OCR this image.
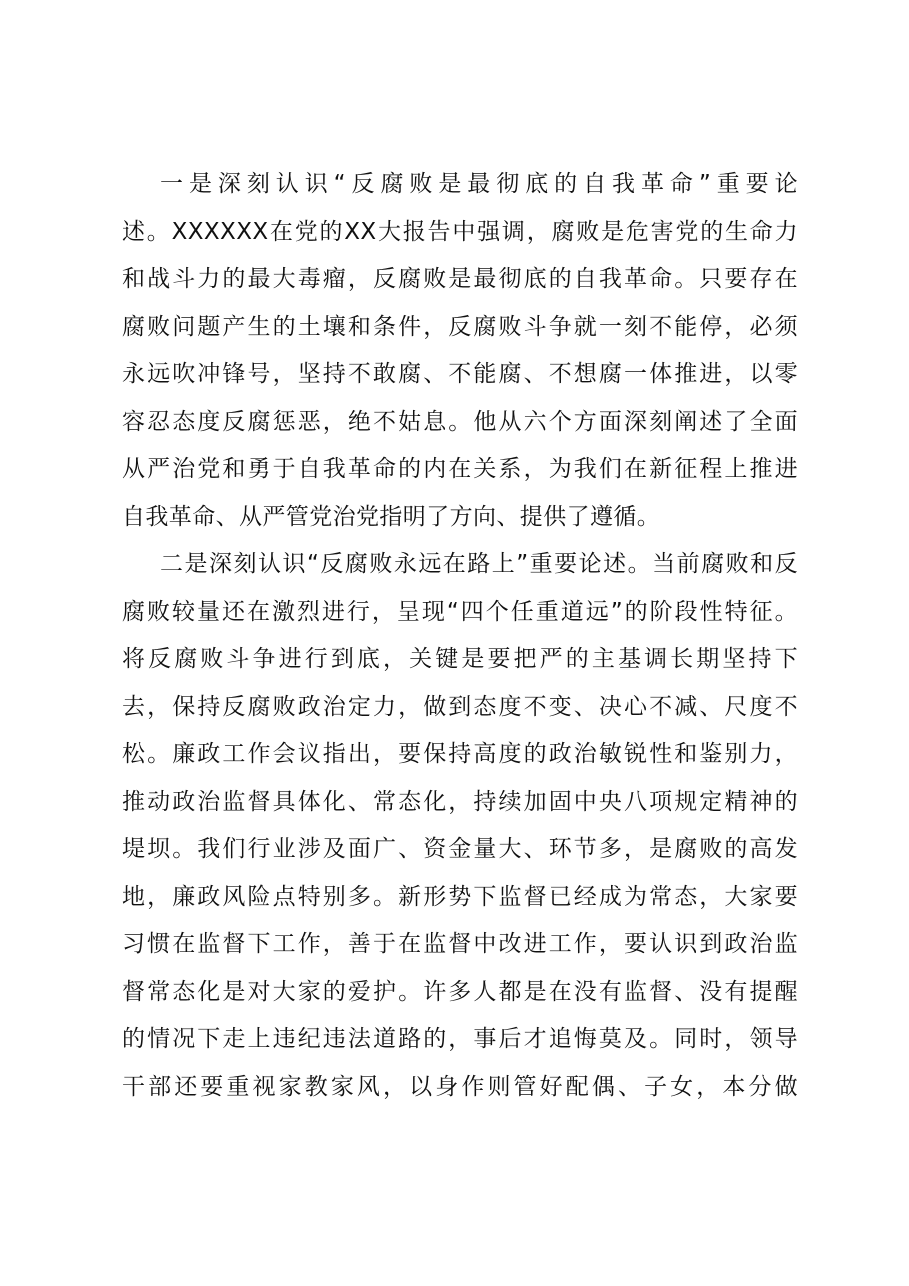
一是深刻认识“反腐败是最彻底的自我革命”重要论
述。XXXXXX在党的XX大报告中强调，腐败是危害党的生命力
和战斗力的最大毒瘤，反腐败是最彻底的自我革命。只要存在
腐败问题产生的土壤和条件，反腐败斗争就一刻不能停，必须
永远吹冲锋号，坚持不敢腐、不能腐、不想腐一体推进，以零
容忍态度反腐惩恶，绝不姑息。他从六个方面深刻阐述了全面
从严治党和勇于自我革命的内在关系，为我们在新征程上推进
自我革命、从严管党治党指明了方向、提供了遵循。
二是深刻认识“反腐败永远在路上”重要论述。当前腐败和反
腐败较量还在激烈进行，呈现“四个任重道远”的阶段性特征。
将反腐败斗争进行到底，关键是要把严的主基调长期坚持下
去，保持反腐败政治定力，做到态度不变、决心不减、尺度不
松。廉政工作会议指出，要保持高度的政治敏锐性和鉴别力，
推动政治监督具体化、常态化，持续加固中央八项规定精神的
堤坝。我们行业涉及面广、资金量大、环节多，是腐败的高发
地，廉政风险点特别多。新形势下监督已经成为常态，大家要
习惯在监督下工作，善于在监督中改进工作，要认识到政治监
督常态化是对大家的爱护。许多人都是在没有监督、没有提醒
的情况下走上违纪违法道路的，事后才追悔莫及。同时，领导
干部还要重视家教家风，以身作则管好配偶、子女，本分做
